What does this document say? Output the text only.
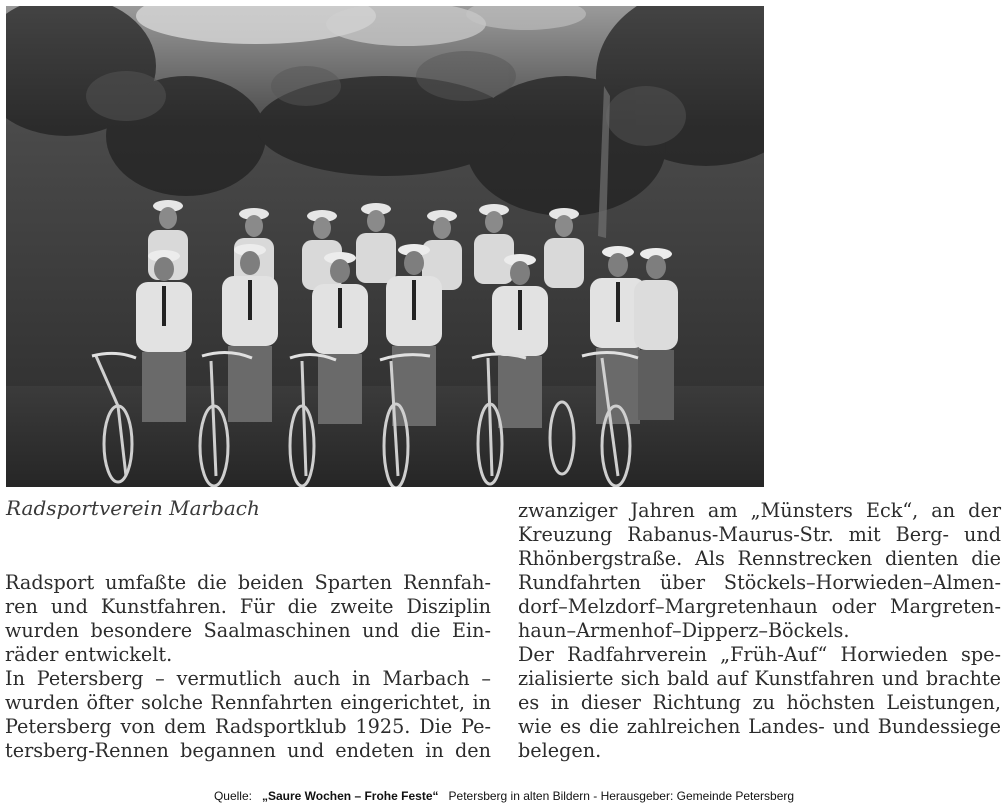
Radsportverein Marbach
Radsport umfaßte die beiden Sparten Rennfah-
ren und Kunstfahren. Für die zweite Disziplin
wurden besondere Saalmaschinen und die Ein-
räder entwickelt.
In Petersberg – vermutlich auch in Marbach –
wurden öfter solche Rennfahrten eingerichtet, in
Petersberg von dem Radsportklub 1925. Die Pe-
tersberg-Rennen begannen und endeten in den
zwanziger Jahren am „Münsters Eck“, an der
Kreuzung Rabanus-Maurus-Str. mit Berg- und
Rhönbergstraße. Als Rennstrecken dienten die
Rundfahrten über Stöckels–Horwieden–Almen-
dorf–Melzdorf–Margretenhaun oder Margreten-
haun–Armenhof–Dipperz–Böckels.
Der Radfahrverein „Früh-Auf“ Horwieden spe-
zialisierte sich bald auf Kunstfahren und brachte
es in dieser Richtung zu höchsten Leistungen,
wie es die zahlreichen Landes- und Bundessiege
belegen.
Quelle: „Saure Wochen – Frohe Feste“ Petersberg in alten Bildern - Herausgeber: Gemeinde Petersberg
